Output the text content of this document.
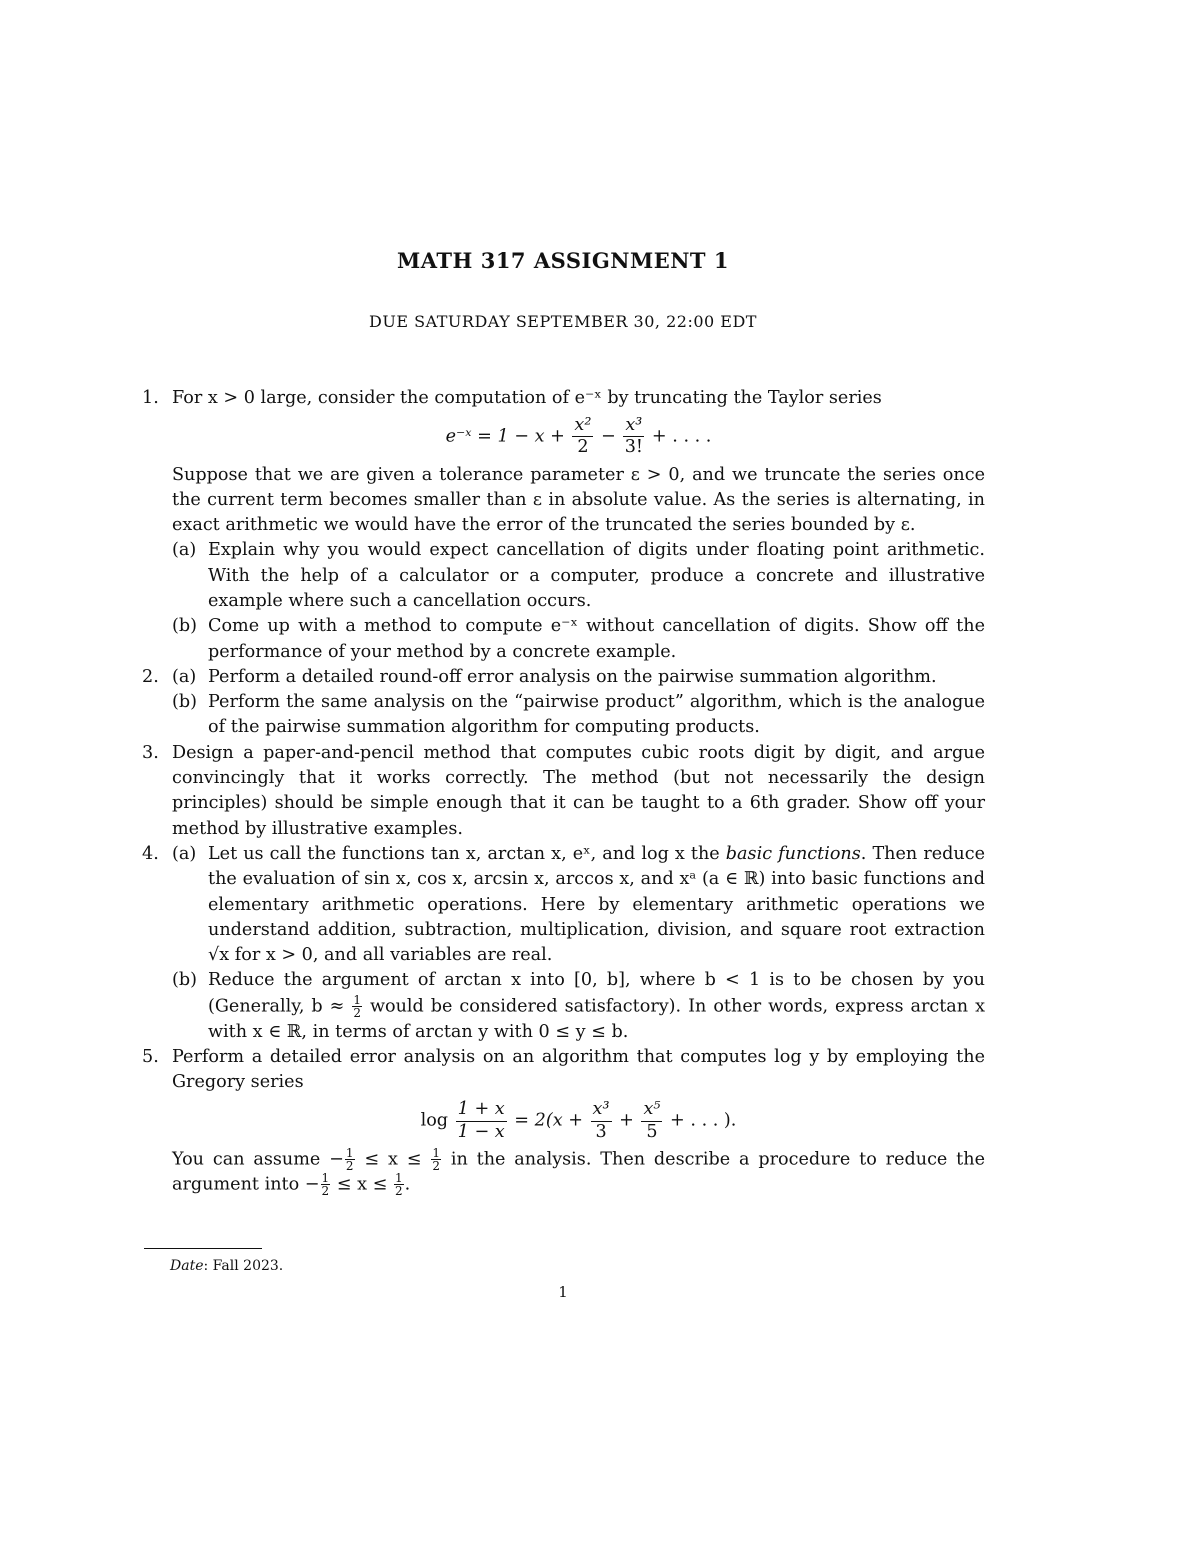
MATH 317 ASSIGNMENT 1
DUE SATURDAY SEPTEMBER 30, 22:00 EDT
1. For x > 0 large, consider the computation of e⁻ˣ by truncating the Taylor series
e⁻ˣ = $1 - x + \frac{\text{x²}}{2} - \frac{\text{x³}}{3!}$ + . . . .
Suppose that we are given a tolerance parameter ε > 0, and we truncate the series once the current term becomes smaller than ε in absolute value. As the series is alternating, in exact arithmetic we would have the error of the truncated the series bounded by ε.
(a) Explain why you would expect cancellation of digits under floating point arithmetic. With the help of a calculator or a computer, produce a concrete and illustrative example where such a cancellation occurs.
(b) Come up with a method to compute e⁻ˣ without cancellation of digits. Show off the performance of your method by a concrete example.
2. (a) Perform a detailed round-off error analysis on the pairwise summation algorithm.
(b) Perform the same analysis on the “pairwise product” algorithm, which is the analogue of the pairwise summation algorithm for computing products.
3. Design a paper-and-pencil method that computes cubic roots digit by digit, and argue convincingly that it works correctly. The method (but not necessarily the design principles) should be simple enough that it can be taught to a 6th grader. Show off your method by illustrative examples.
4. (a) Let us call the functions tan x, arctan x, eˣ, and log x the basic functions. Then reduce the evaluation of sin x, cos x, arcsin x, arccos x, and xᵃ (a ∈ ℝ) into basic functions and elementary arithmetic operations. Here by elementary arithmetic operations we understand addition, subtraction, multiplication, division, and square root extraction √x for x > 0, and all variables are real.
(b) Reduce the argument of arctan x into [0, b], where b < 1 is to be chosen by you (Generally, $b \approx \frac{1}{2}$ would be considered satisfactory). In other words, express arctan x with x ∈ ℝ, in terms of arctan y with 0 ≤ y ≤ b.
5. Perform a detailed error analysis on an algorithm that computes log y by employing the Gregory series
$\log \frac{1 + x}{1 - x} = 2(x + \frac{\text{x³}}{3} + \frac{\text{x⁵}}{5}$ + . . . ).
You can assume − $\frac{1}{2} \le x \le \frac{1}{2}$ in the analysis. Then describe a procedure to reduce the argument into − $\frac{1}{2} \le x \le \frac{1}{2}$ .
Date: Fall 2023.
1
